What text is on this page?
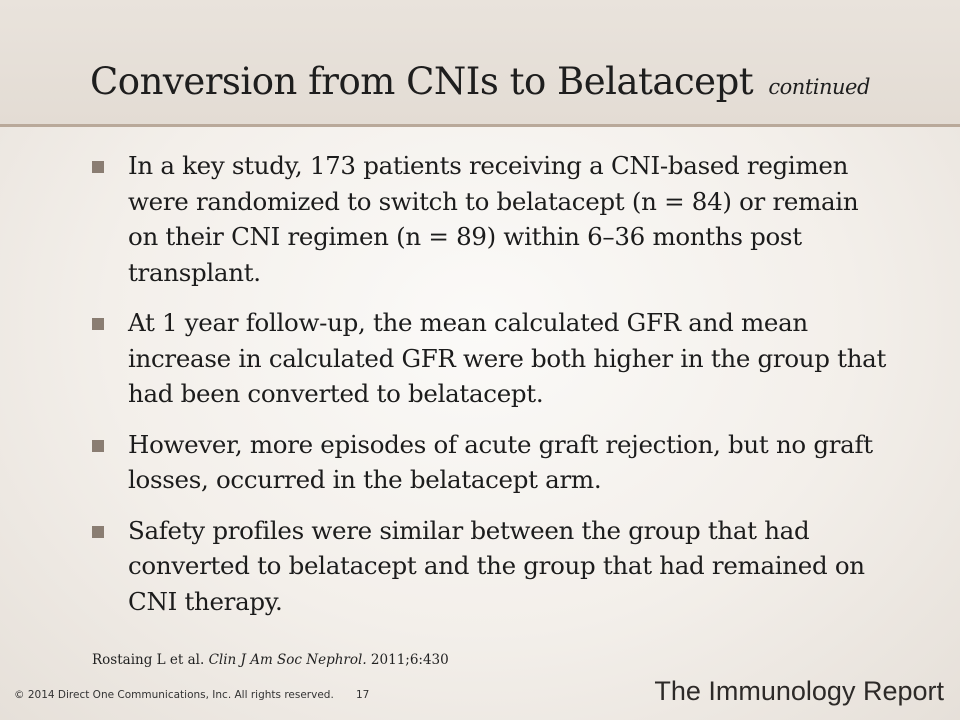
Conversion from CNIs to Belatacept continued
In a key study, 173 patients receiving a CNI-based regimen were randomized to switch to belatacept (n = 84) or remain on their CNI regimen (n = 89) within 6–36 months post transplant.
At 1 year follow-up, the mean calculated GFR and mean increase in calculated GFR were both higher in the group that had been converted to belatacept.
However, more episodes of acute graft rejection, but no graft losses, occurred in the belatacept arm.
Safety profiles were similar between the group that had converted to belatacept and the group that had remained on CNI therapy.
Rostaing L et al. Clin J Am Soc Nephrol. 2011;6:430
© 2014 Direct One Communications, Inc. All rights reserved. 17	The Immunology Report
